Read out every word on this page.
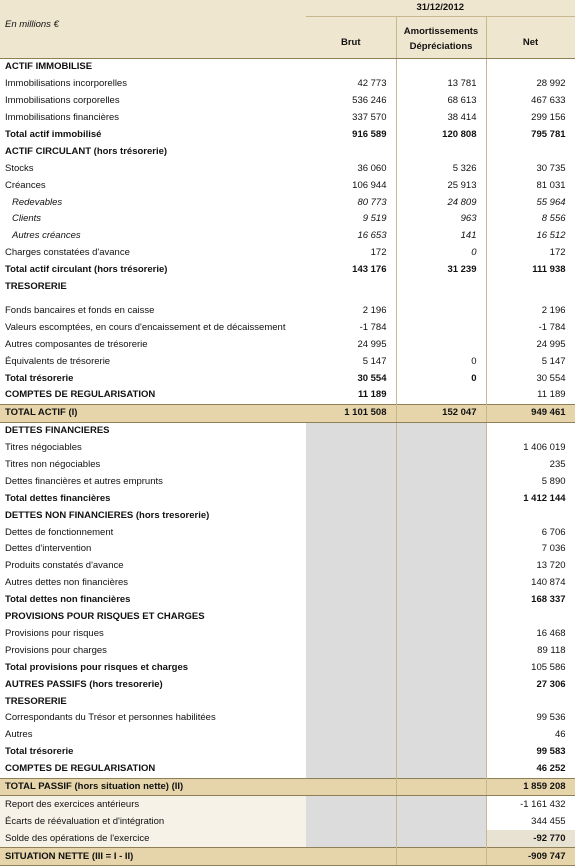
	31/12/2012		
En millions €	Brut	Amortissements
Dépréciations	Net
ACTIF IMMOBILISE			
Immobilisations incorporelles	42 773	13 781	28 992
Immobilisations corporelles	536 246	68 613	467 633
Immobilisations financières	337 570	38 414	299 156
Total actif immobilisé	916 589	120 808	795 781
ACTIF CIRCULANT (hors trésorerie)			
Stocks	36 060	5 326	30 735
Créances	106 944	25 913	81 031
Redevables	80 773	24 809	55 964
Clients	9 519	963	8 556
Autres créances	16 653	141	16 512
Charges constatées d'avance	172	0	172
Total actif circulant (hors trésorerie)	143 176	31 239	111 938
TRESORERIE			
Fonds bancaires et fonds en caisse	2 196		2 196
Valeurs escomptées, en cours d'encaissement et de décaissement	-1 784		-1 784
Autres composantes de trésorerie	24 995		24 995
Équivalents de trésorerie	5 147	0	5 147
Total trésorerie	30 554	0	30 554
COMPTES DE REGULARISATION	11 189		11 189
TOTAL ACTIF (I)	1 101 508	152 047	949 461
DETTES FINANCIERES			
Titres négociables			1 406 019
Titres non négociables			235
Dettes financières et autres emprunts			5 890
Total dettes financières			1 412 144
DETTES NON FINANCIERES (hors tresorerie)			
Dettes de fonctionnement			6 706
Dettes d'intervention			7 036
Produits constatés d'avance			13 720
Autres dettes non financières			140 874
Total dettes non financières			168 337
PROVISIONS POUR RISQUES ET CHARGES			
Provisions pour risques			16 468
Provisions pour charges			89 118
Total provisions pour risques et charges			105 586
AUTRES PASSIFS (hors tresorerie)			27 306
TRESORERIE			
Correspondants du Trésor et personnes habilitées			99 536
Autres			46
Total trésorerie			99 583
COMPTES DE REGULARISATION			46 252
TOTAL PASSIF (hors situation nette) (II)			1 859 208
Report des exercices antérieurs			-1 161 432
Écarts de réévaluation et d'intégration			344 455
Solde des opérations de l'exercice			-92 770
SITUATION NETTE (III = I - II)			-909 747
